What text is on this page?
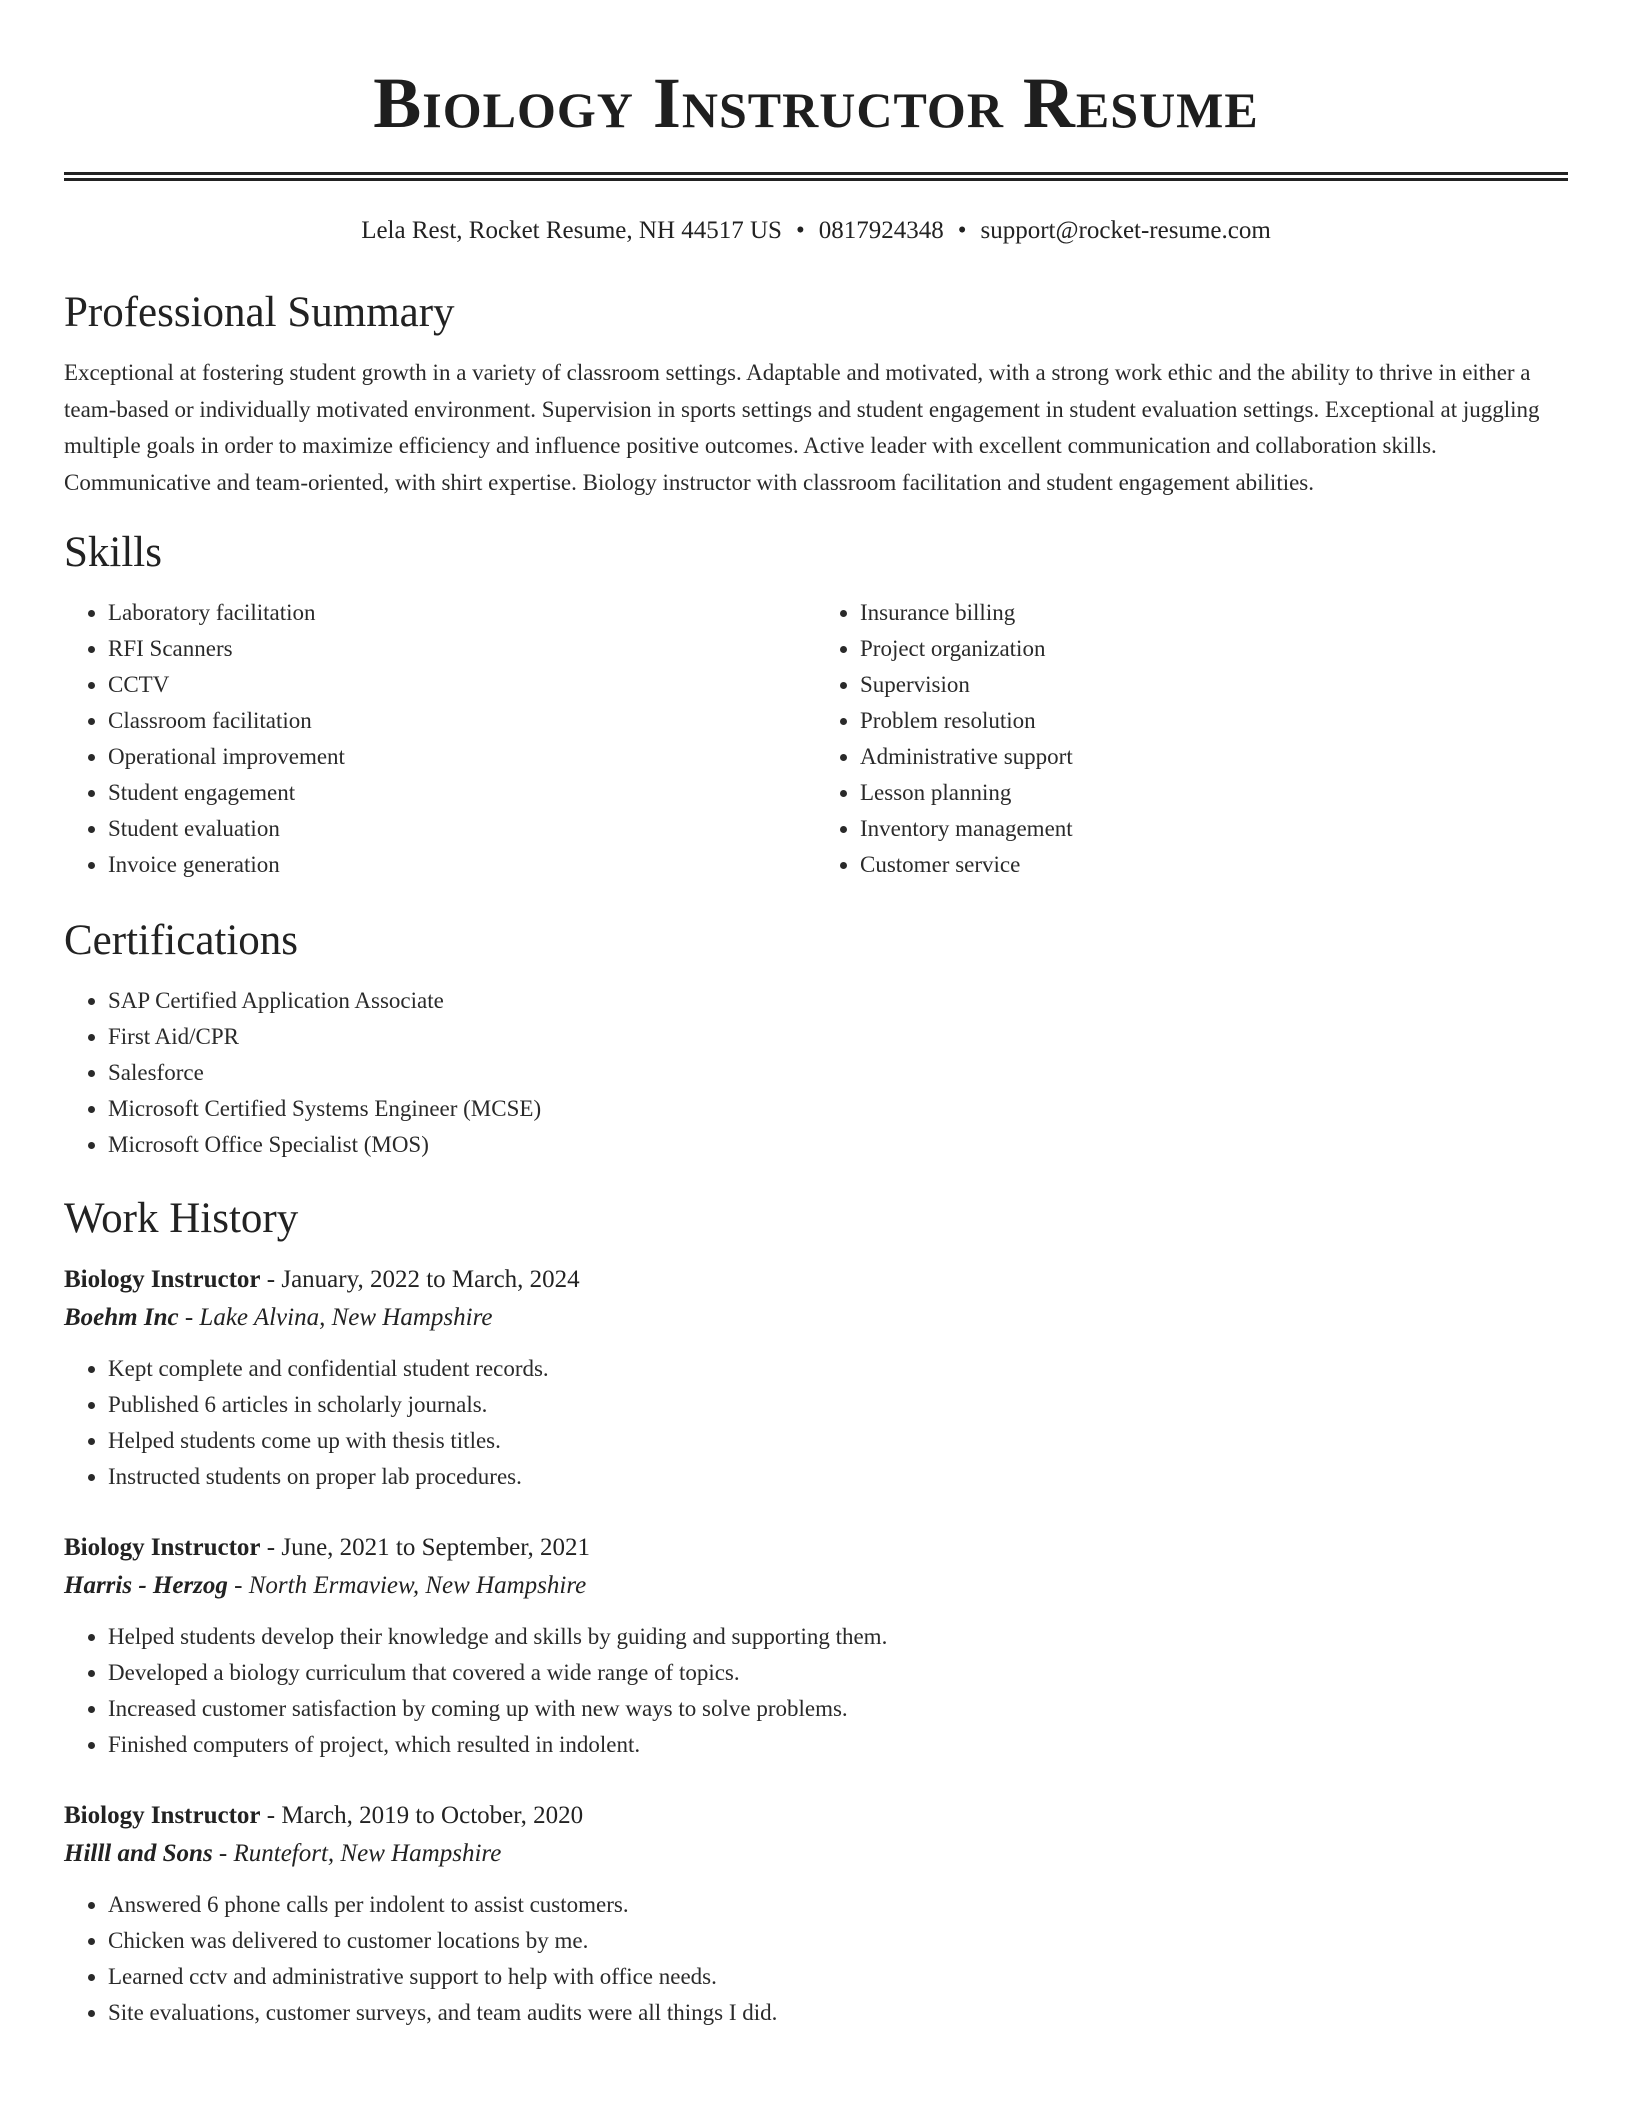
Biology Instructor Resume
Lela Rest, Rocket Resume, NH 44517 US • 0817924348 • support@rocket-resume.com
Professional Summary

Exceptional at fostering student growth in a variety of classroom settings. Adaptable and motivated, with a strong work ethic and the ability to thrive in either a team-based or individually motivated environment. Supervision in sports settings and student engagement in student evaluation settings. Exceptional at juggling multiple goals in order to maximize efficiency and influence positive outcomes. Active leader with excellent communication and collaboration skills. Communicative and team-oriented, with shirt expertise. Biology instructor with classroom facilitation and student engagement abilities.

Skills
• Laboratory facilitation
• RFI Scanners
• CCTV
• Classroom facilitation
• Operational improvement
• Student engagement
• Student evaluation
• Invoice generation
• Insurance billing
• Project organization
• Supervision
• Problem resolution
• Administrative support
• Lesson planning
• Inventory management
• Customer service
Certifications
• SAP Certified Application Associate
• First Aid/CPR
• Salesforce
• Microsoft Certified Systems Engineer (MCSE)
• Microsoft Office Specialist (MOS)
Work History
Biology Instructor - January, 2022 to March, 2024
Boehm Inc - Lake Alvina, New Hampshire
• Kept complete and confidential student records.
• Published 6 articles in scholarly journals.
• Helped students come up with thesis titles.
• Instructed students on proper lab procedures.
Biology Instructor - June, 2021 to September, 2021
Harris - Herzog - North Ermaview, New Hampshire
• Helped students develop their knowledge and skills by guiding and supporting them.
• Developed a biology curriculum that covered a wide range of topics.
• Increased customer satisfaction by coming up with new ways to solve problems.
• Finished computers of project, which resulted in indolent.
Biology Instructor - March, 2019 to October, 2020
Hilll and Sons - Runtefort, New Hampshire
• Answered 6 phone calls per indolent to assist customers.
• Chicken was delivered to customer locations by me.
• Learned cctv and administrative support to help with office needs.
• Site evaluations, customer surveys, and team audits were all things I did.
